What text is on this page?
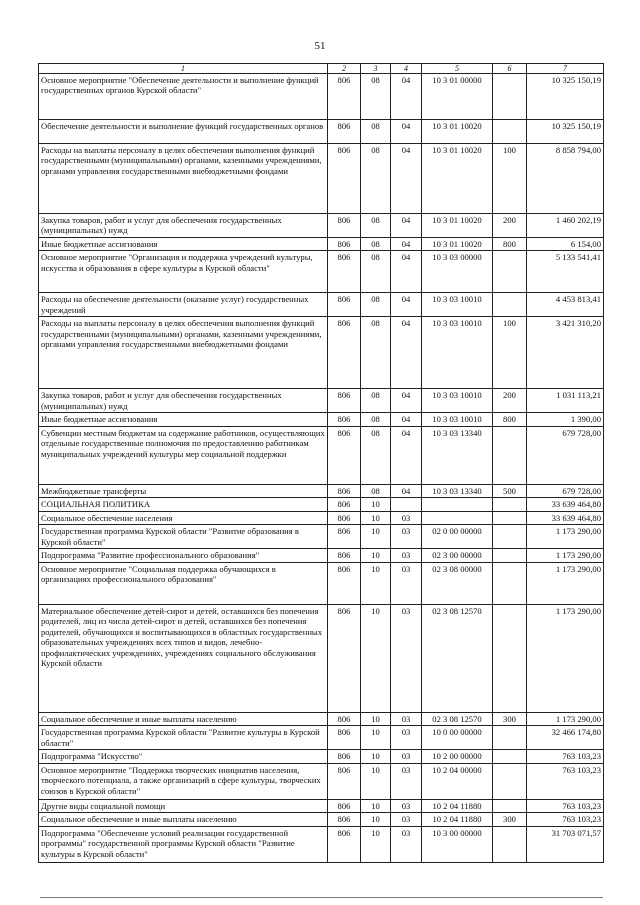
51
1	2	3	4	5	6	7
Основное мероприятие "Обеспечение деятельности и выполнение функций государственных органов Курской области"	806	08	04	10 3 01 00000		10 325 150,19
Обеспечение деятельности и выполнение функций государственных органов	806	08	04	10 3 01 10020		10 325 150,19
Расходы на выплаты персоналу в целях обеспечения выполнения функций государственными (муниципальными) органами, казенными учреждениями, органами управления государственными внебюджетными фондами	806	08	04	10 3 01 10020	100	8 858 794,00
Закупка товаров, работ и услуг для обеспечения государственных (муниципальных) нужд	806	08	04	10 3 01 10020	200	1 460 202,19
Иные бюджетные ассигнования	806	08	04	10 3 01 10020	800	6 154,00
Основное мероприятие "Организация и поддержка учреждений культуры, искусства и образования в сфере культуры в Курской области"	806	08	04	10 3 03 00000		5 133 541,41
Расходы на обеспечение деятельности (оказание услуг) государственных учреждений	806	08	04	10 3 03 10010		4 453 813,41
Расходы на выплаты персоналу в целях обеспечения выполнения функций государственными (муниципальными) органами, казенными учреждениями, органами управления государственными внебюджетными фондами	806	08	04	10 3 03 10010	100	3 421 310,20
Закупка товаров, работ и услуг для обеспечения государственных (муниципальных) нужд	806	08	04	10 3 03 10010	200	1 031 113,21
Иные бюджетные ассигнования	806	08	04	10 3 03 10010	800	1 390,00
Субвенции местным бюджетам на содержание работников, осуществляющих отдельные государственные полномочия по предоставлению работникам муниципальных учреждений культуры мер социальной поддержки	806	08	04	10 3 03 13340		679 728,00
Межбюджетные трансферты	806	08	04	10 3 03 13340	500	679 728,00
СОЦИАЛЬНАЯ ПОЛИТИКА	806	10				33 639 464,80
Социальное обеспечение населения	806	10	03			33 639 464,80
Государственная программа Курской области "Развитие образования в Курской области"	806	10	03	02 0 00 00000		1 173 290,00
Подпрограмма "Развитие профессионального образования"	806	10	03	02 3 00 00000		1 173 290,00
Основное мероприятие "Социальная поддержка обучающихся в организациях профессионального образования"	806	10	03	02 3 08 00000		1 173 290,00
Материальное обеспечение детей-сирот и детей, оставшихся без попечения родителей, лиц из числа детей-сирот и детей, оставшихся без попечения родителей, обучающихся и воспитывающихся в областных государственных образовательных учреждениях всех типов и видов, лечебно-профилактических учреждениях, учреждениях социального обслуживания Курской области	806	10	03	02 3 08 12570		1 173 290,00
Социальное обеспечение и иные выплаты населению	806	10	03	02 3 08 12570	300	1 173 290,00
Государственная программа Курской области "Развитие культуры в Курской области"	806	10	03	10 0 00 00000		32 466 174,80
Подпрограмма "Искусство"	806	10	03	10 2 00 00000		763 103,23
Основное мероприятие "Поддержка творческих инициатив населения, творческого потенциала, а также организаций в сфере культуры, творческих союзов в Курской области"	806	10	03	10 2 04 00000		763 103,23
Другие виды социальной помощи	806	10	03	10 2 04 11880		763 103,23
Социальное обеспечение и иные выплаты населению	806	10	03	10 2 04 11880	300	763 103,23
Подпрограмма "Обеспечение условий реализации государственной программы" государственной программы Курской области "Развитие культуры в Курской области"	806	10	03	10 3 00 00000		31 703 071,57
